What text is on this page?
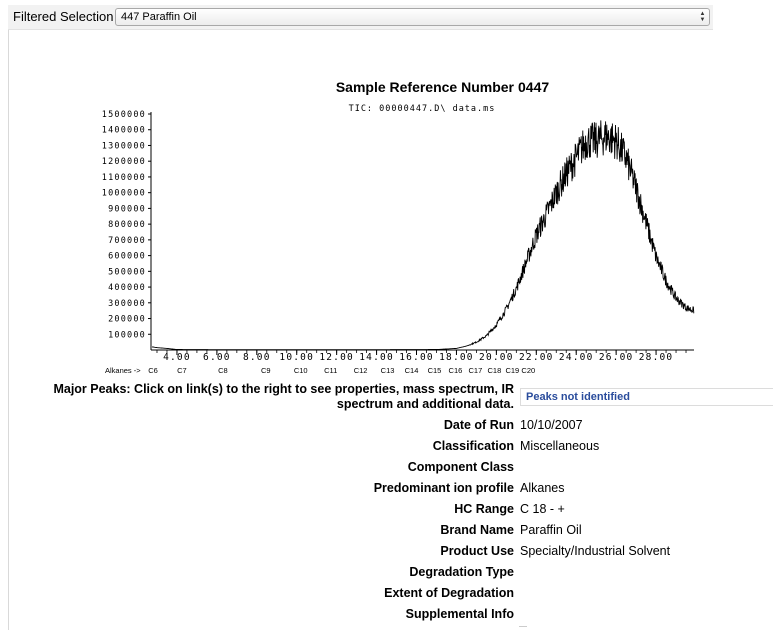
Filtered Selection 447 Paraffin Oil	▲
▼
Sample Reference Number 0447
TIC: 00000447.D\ data.ms
100000
200000
300000
400000
500000
600000
700000
800000
900000
1000000
1100000
1200000
1300000
1400000
1500000
4.00 6.00 8.00 10.00 12.00 14.00 16.00 18.00 20.00 22.00 24.00 26.00 28.00
Alkanes -> C6	C7	C8	C9	C10 C11 C12 C13 C14 C15 C16 C17 C18 C19 C20
Major Peaks: Click on link(s) to the right to see properties, mass spectrum, IR spectrum and additional data.	Peaks not identified
Date of Run 10/10/2007
Classification Miscellaneous
Component Class
Predominant ion profile Alkanes
HC Range C 18 - +
Brand Name Paraffin Oil
Product Use Specialty/Industrial Solvent
Degradation Type
Extent of Degradation
Supplemental Info
